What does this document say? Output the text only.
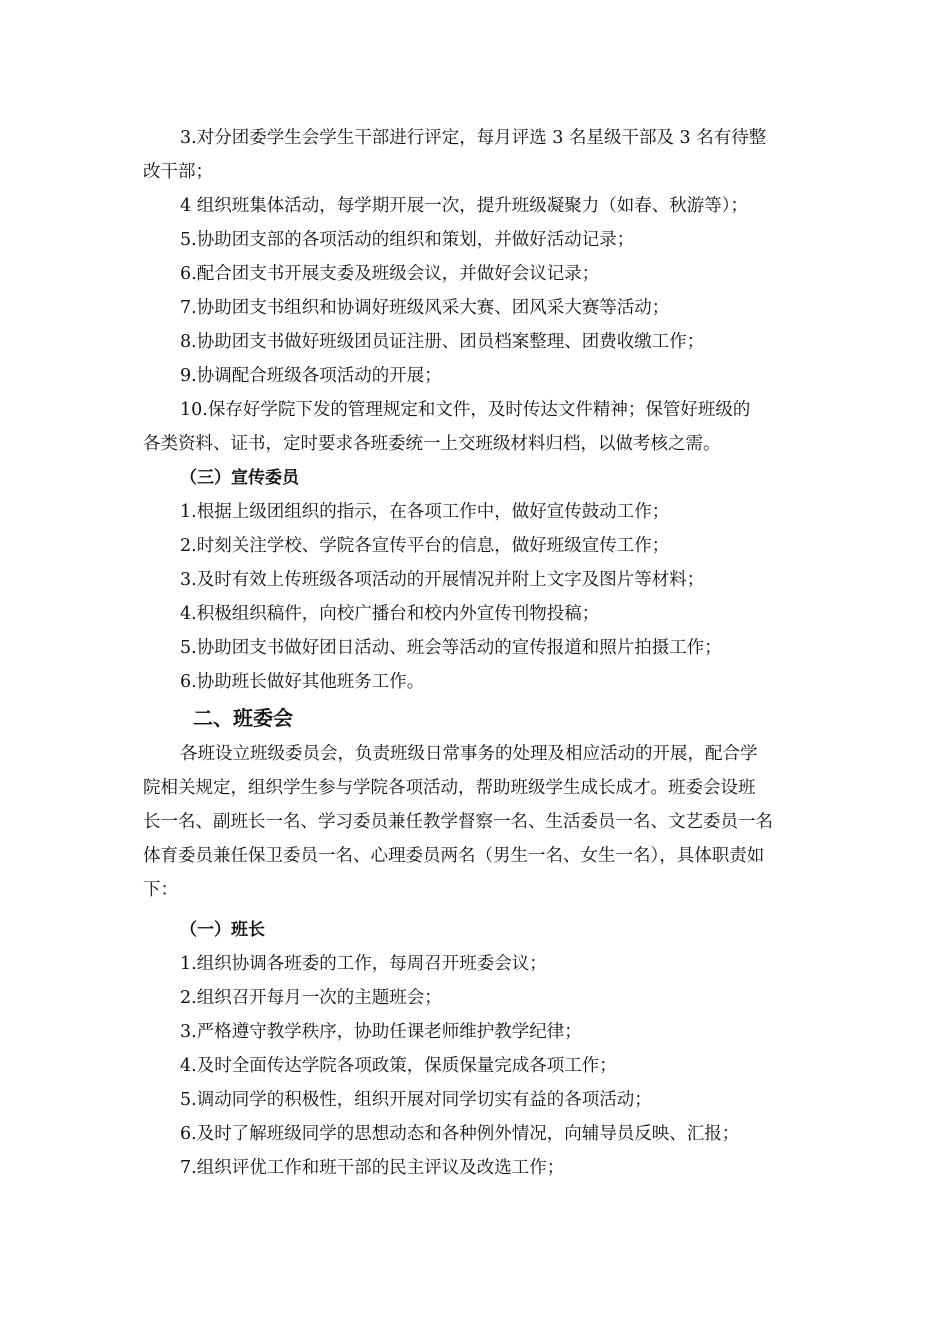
3.对分团委学生会学生干部进行评定，每月评选 3 名星级干部及 3 名有待整
改干部；
4 组织班集体活动，每学期开展一次，提升班级凝聚力（如春、秋游等）；
5.协助团支部的各项活动的组织和策划，并做好活动记录；
6.配合团支书开展支委及班级会议，并做好会议记录；
7.协助团支书组织和协调好班级风采大赛、团风采大赛等活动；
8.协助团支书做好班级团员证注册、团员档案整理、团费收缴工作；
9.协调配合班级各项活动的开展；
10.保存好学院下发的管理规定和文件，及时传达文件精神；保管好班级的
各类资料、证书，定时要求各班委统一上交班级材料归档，以做考核之需。
（三）宣传委员
1.根据上级团组织的指示，在各项工作中，做好宣传鼓动工作；
2.时刻关注学校、学院各宣传平台的信息，做好班级宣传工作；
3.及时有效上传班级各项活动的开展情况并附上文字及图片等材料；
4.积极组织稿件，向校广播台和校内外宣传刊物投稿；
5.协助团支书做好团日活动、班会等活动的宣传报道和照片拍摄工作；
6.协助班长做好其他班务工作。
二、班委会
各班设立班级委员会，负责班级日常事务的处理及相应活动的开展，配合学
院相关规定，组织学生参与学院各项活动，帮助班级学生成长成才。班委会设班
长一名、副班长一名、学习委员兼任教学督察一名、生活委员一名、文艺委员一名
体育委员兼任保卫委员一名、心理委员两名（男生一名、女生一名），具体职责如
下：
（一）班长
1.组织协调各班委的工作，每周召开班委会议；
2.组织召开每月一次的主题班会；
3.严格遵守教学秩序，协助任课老师维护教学纪律；
4.及时全面传达学院各项政策，保质保量完成各项工作；
5.调动同学的积极性，组织开展对同学切实有益的各项活动；
6.及时了解班级同学的思想动态和各种例外情况，向辅导员反映、汇报；
7.组织评优工作和班干部的民主评议及改选工作；
